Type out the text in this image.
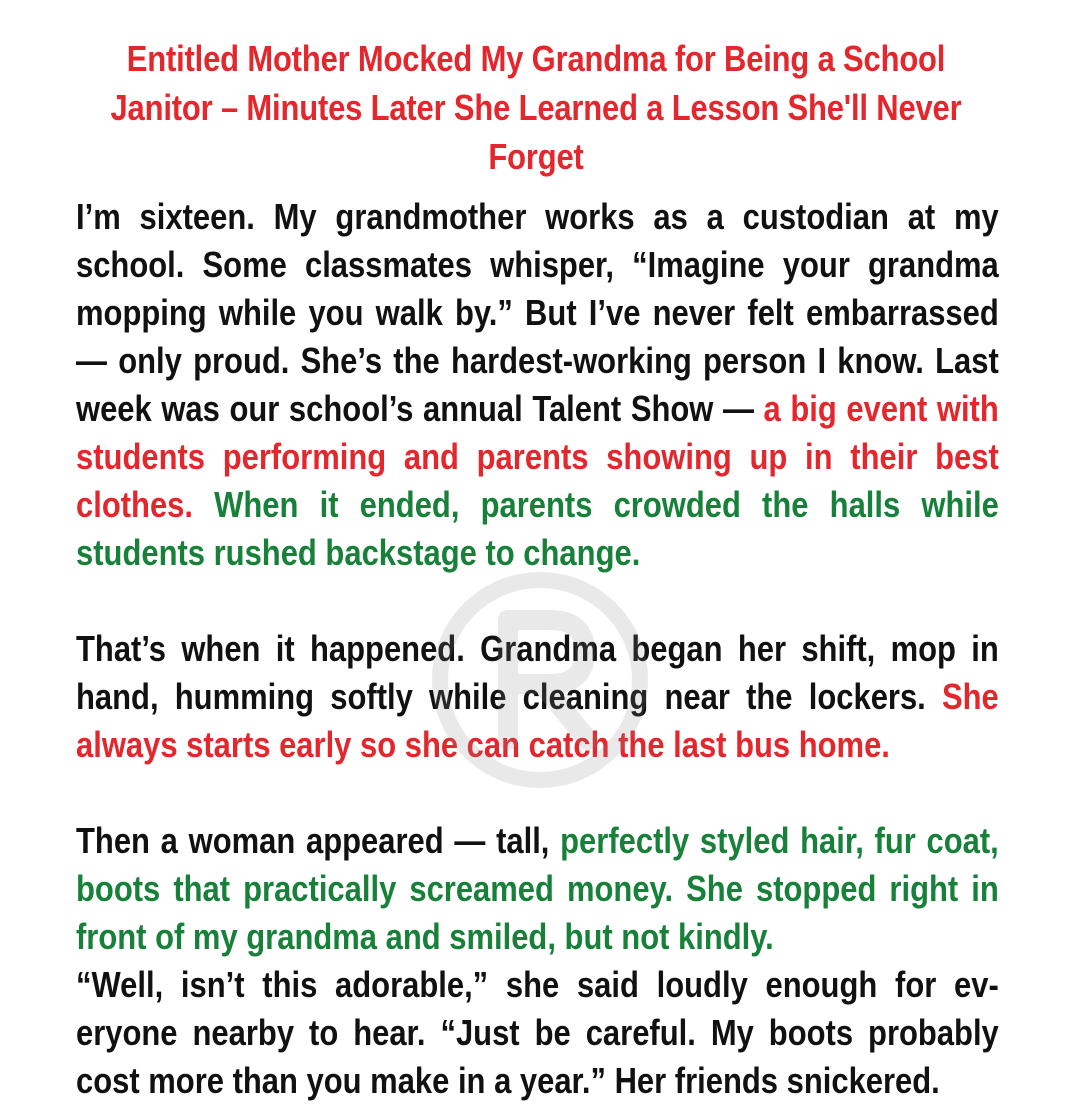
Entitled Mother Mocked My Grandma for Being a School Janitor – Minutes Later She Learned a Lesson She'll Never Forget

I’m sixteen. My grandmother works as a custodian at my school. Some classmates whisper, “Imagine your grandma mopping while you walk by.” But I’ve never felt embarrassed — only proud. She’s the hardest-working person I know. Last week was our school’s annual Talent Show — a big event with students performing and parents showing up in their best clothes. When it ended, parents crowded the halls while students rushed backstage to change.

That’s when it happened. Grandma began her shift, mop in hand, humming softly while cleaning near the lockers. She always starts early so she can catch the last bus home.

Then a woman appeared — tall, perfectly styled hair, fur coat, boots that practically screamed money. She stopped right in front of my grandma and smiled, but not kindly.

“Well, isn’t this adorable,” she said loudly enough for everyone nearby to hear. “Just be careful. My boots probably cost more than you make in a year.” Her friends snickered.
